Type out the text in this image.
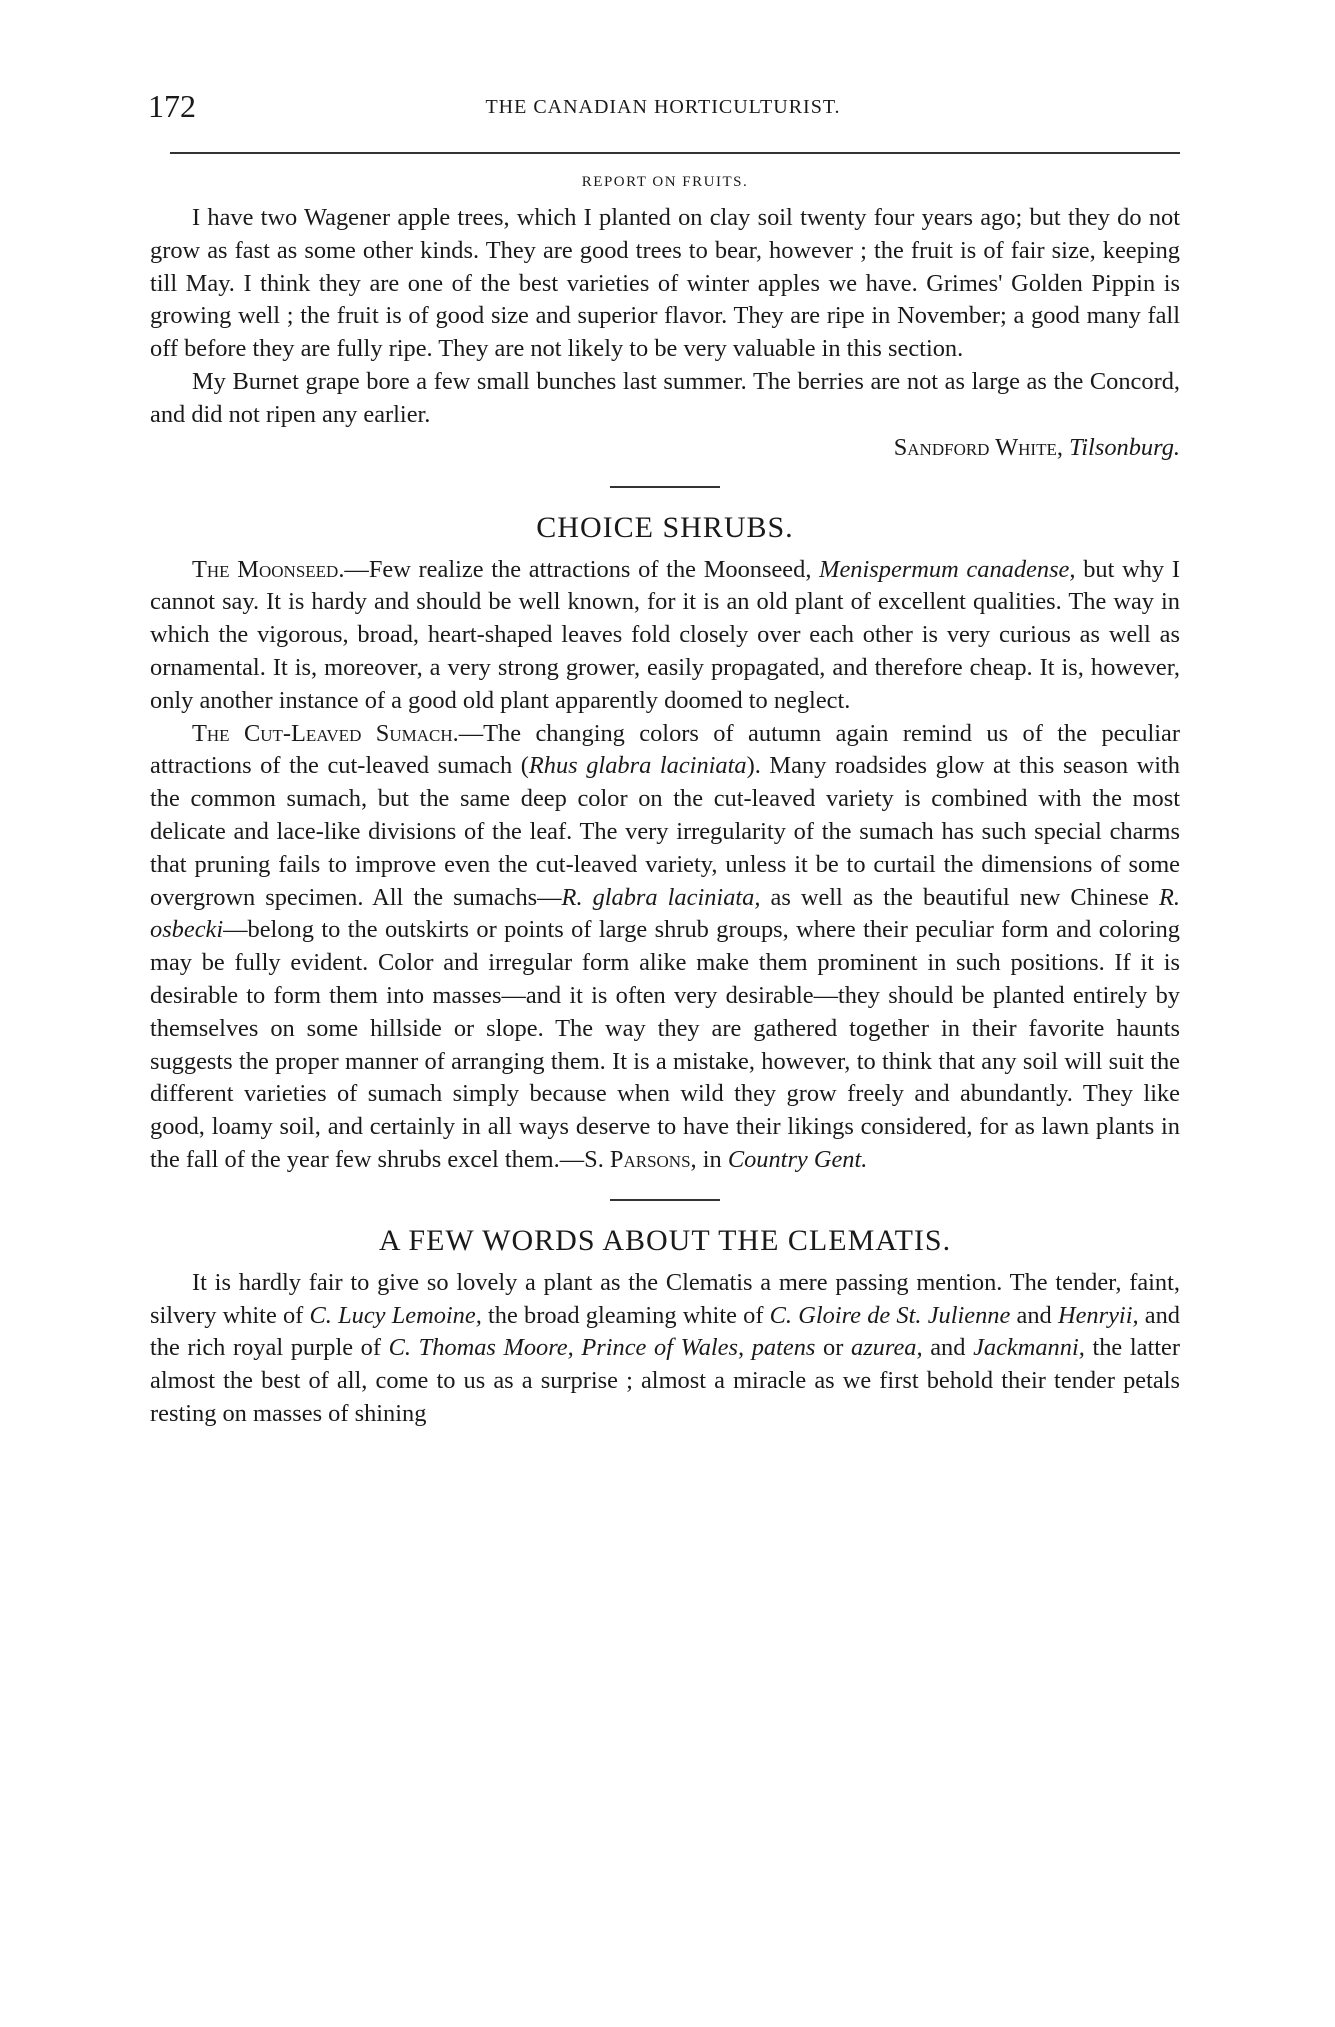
172	THE CANADIAN HORTICULTURIST.
REPORT ON FRUITS.

I have two Wagener apple trees, which I planted on clay soil twenty four years ago; but they do not grow as fast as some other kinds. They are good trees to bear, however ; the fruit is of fair size, keeping till May. I think they are one of the best varieties of winter apples we have. Grimes' Golden Pippin is growing well ; the fruit is of good size and superior flavor. They are ripe in November; a good many fall off before they are fully ripe. They are not likely to be very valuable in this section.

My Burnet grape bore a few small bunches last summer. The berries are not as large as the Concord, and did not ripen any earlier.

Sandford White, Tilsonburg.

CHOICE SHRUBS.

The Moonseed.—Few realize the attractions of the Moonseed, Menispermum canadense, but why I cannot say. It is hardy and should be well known, for it is an old plant of excellent qualities. The way in which the vigorous, broad, heart-shaped leaves fold closely over each other is very curious as well as ornamental. It is, moreover, a very strong grower, easily propagated, and therefore cheap. It is, however, only another instance of a good old plant apparently doomed to neglect.

The Cut-Leaved Sumach.—The changing colors of autumn again remind us of the peculiar attractions of the cut-leaved sumach (Rhus glabra laciniata). Many roadsides glow at this season with the common sumach, but the same deep color on the cut-leaved variety is combined with the most delicate and lace-like divisions of the leaf. The very irregularity of the sumach has such special charms that pruning fails to improve even the cut-leaved variety, unless it be to curtail the dimensions of some overgrown specimen. All the sumachs—R. glabra laciniata, as well as the beautiful new Chinese R. osbecki—belong to the outskirts or points of large shrub groups, where their peculiar form and coloring may be fully evident. Color and irregular form alike make them prominent in such positions. If it is desirable to form them into masses—and it is often very desirable—they should be planted entirely by themselves on some hillside or slope. The way they are gathered together in their favorite haunts suggests the proper manner of arranging them. It is a mistake, however, to think that any soil will suit the different varieties of sumach simply because when wild they grow freely and abundantly. They like good, loamy soil, and certainly in all ways deserve to have their likings considered, for as lawn plants in the fall of the year few shrubs excel them.—S. Parsons, in Country Gent.

A FEW WORDS ABOUT THE CLEMATIS.

It is hardly fair to give so lovely a plant as the Clematis a mere passing mention. The tender, faint, silvery white of C. Lucy Lemoine, the broad gleaming white of C. Gloire de St. Julienne and Henryii, and the rich royal purple of C. Thomas Moore, Prince of Wales, patens or azurea, and Jackmanni, the latter almost the best of all, come to us as a surprise ; almost a miracle as we first behold their tender petals resting on masses of shining
